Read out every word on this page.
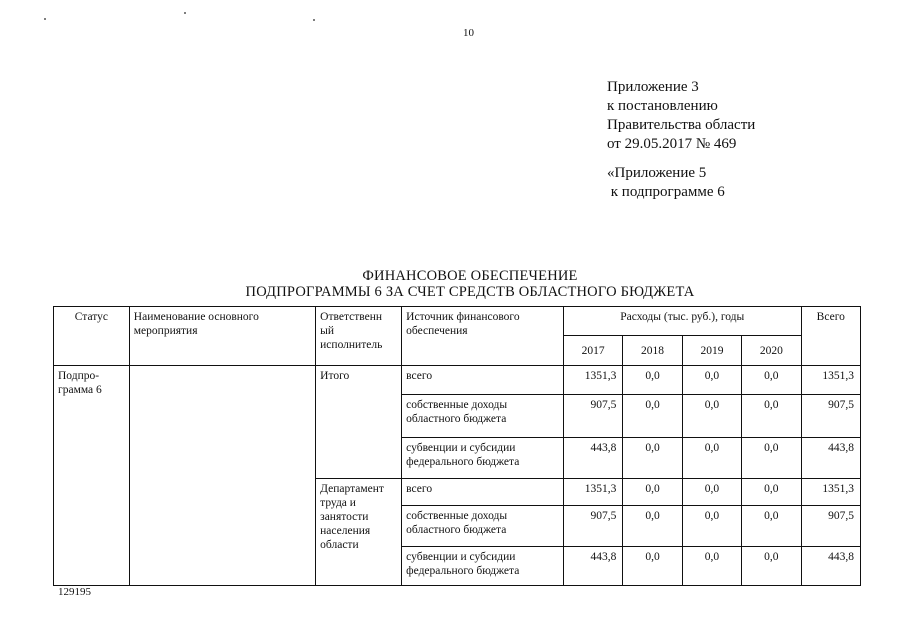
10
Приложение 3
к постановлению
Правительства области
от 29.05.2017 № 469
«Приложение 5
к подпрограмме 6
ФИНАНСОВОЕ ОБЕСПЕЧЕНИЕ
ПОДПРОГРАММЫ 6 ЗА СЧЕТ СРЕДСТВ ОБЛАСТНОГО БЮДЖЕТА
Статус	Наименование основного мероприятия	Ответственн ый исполнитель	Источник финансового обеспечения	Расходы (тыс. руб.), годы				Всего
				2017	2018	2019	2020	
Подпро-грамма 6		Итого	всего	1351,3	0,0	0,0	0,0	1351,3
			собственные доходы областного бюджета	907,5	0,0	0,0	0,0	907,5
			субвенции и субсидии федерального бюджета	443,8	0,0	0,0	0,0	443,8
		Департамент труда и занятости населения области	всего	1351,3	0,0	0,0	0,0	1351,3
			собственные доходы областного бюджета	907,5	0,0	0,0	0,0	907,5
			субвенции и субсидии федерального бюджета	443,8	0,0	0,0	0,0	443,8
129195
